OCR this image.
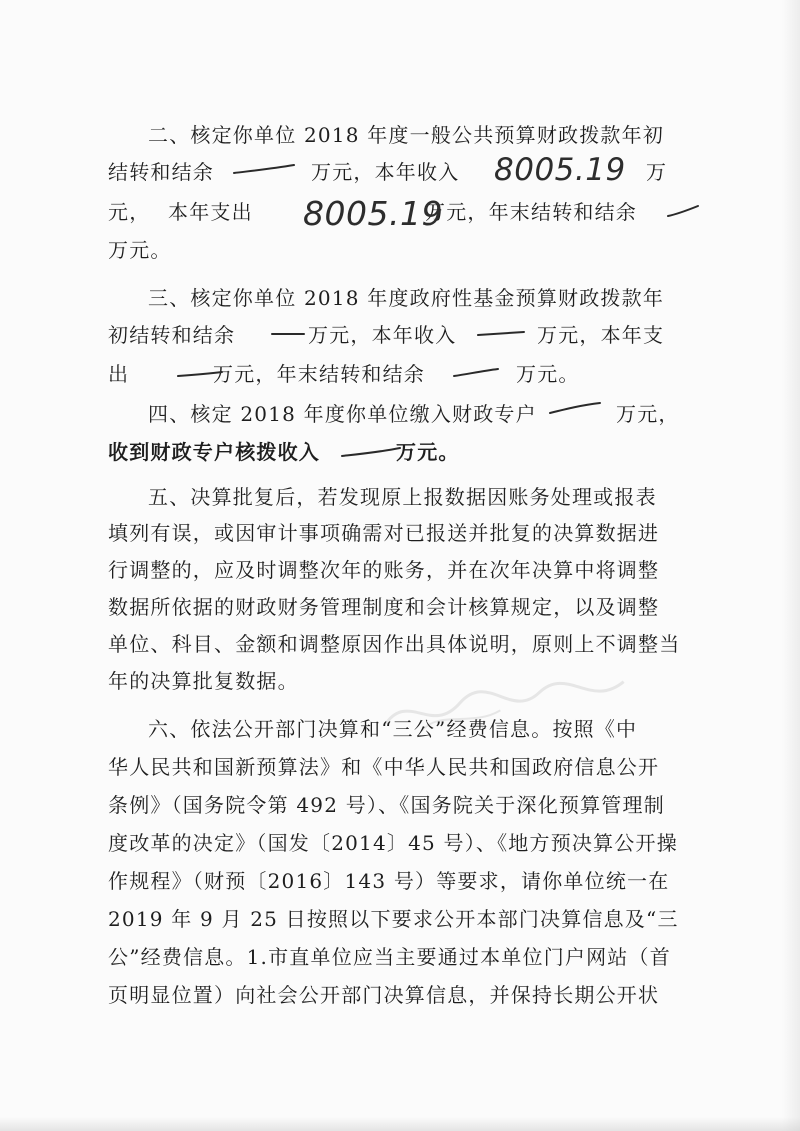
二、核定你单位 2018 年度一般公共预算财政拨款年初
结转和结余	万元，本年收入	万
8005.19
元， 本年支出	万元，年末结转和结余
8005.19
万元。
三、核定你单位 2018 年度政府性基金预算财政拨款年
初结转和结余	万元，本年收入	万元，本年支
出	万元，年末结转和结余	万元。
四、核定 2018 年度你单位缴入财政专户	万元，
收到财政专户核拨收入	万元。
五、决算批复后，若发现原上报数据因账务处理或报表
填列有误，或因审计事项确需对已报送并批复的决算数据进
行调整的，应及时调整次年的账务，并在次年决算中将调整
数据所依据的财政财务管理制度和会计核算规定，以及调整
单位、科目、金额和调整原因作出具体说明，原则上不调整当
年的决算批复数据。
六、依法公开部门决算和“三公”经费信息。按照《中
华人民共和国新预算法》和《中华人民共和国政府信息公开
条例》（国务院令第 492 号）、《国务院关于深化预算管理制
度改革的决定》（国发〔2014〕45 号）、《地方预决算公开操
作规程》（财预〔2016〕143 号）等要求，请你单位统一在
2019 年 9 月 25 日按照以下要求公开本部门决算信息及“三
公”经费信息。1.市直单位应当主要通过本单位门户网站（首
页明显位置）向社会公开部门决算信息，并保持长期公开状
